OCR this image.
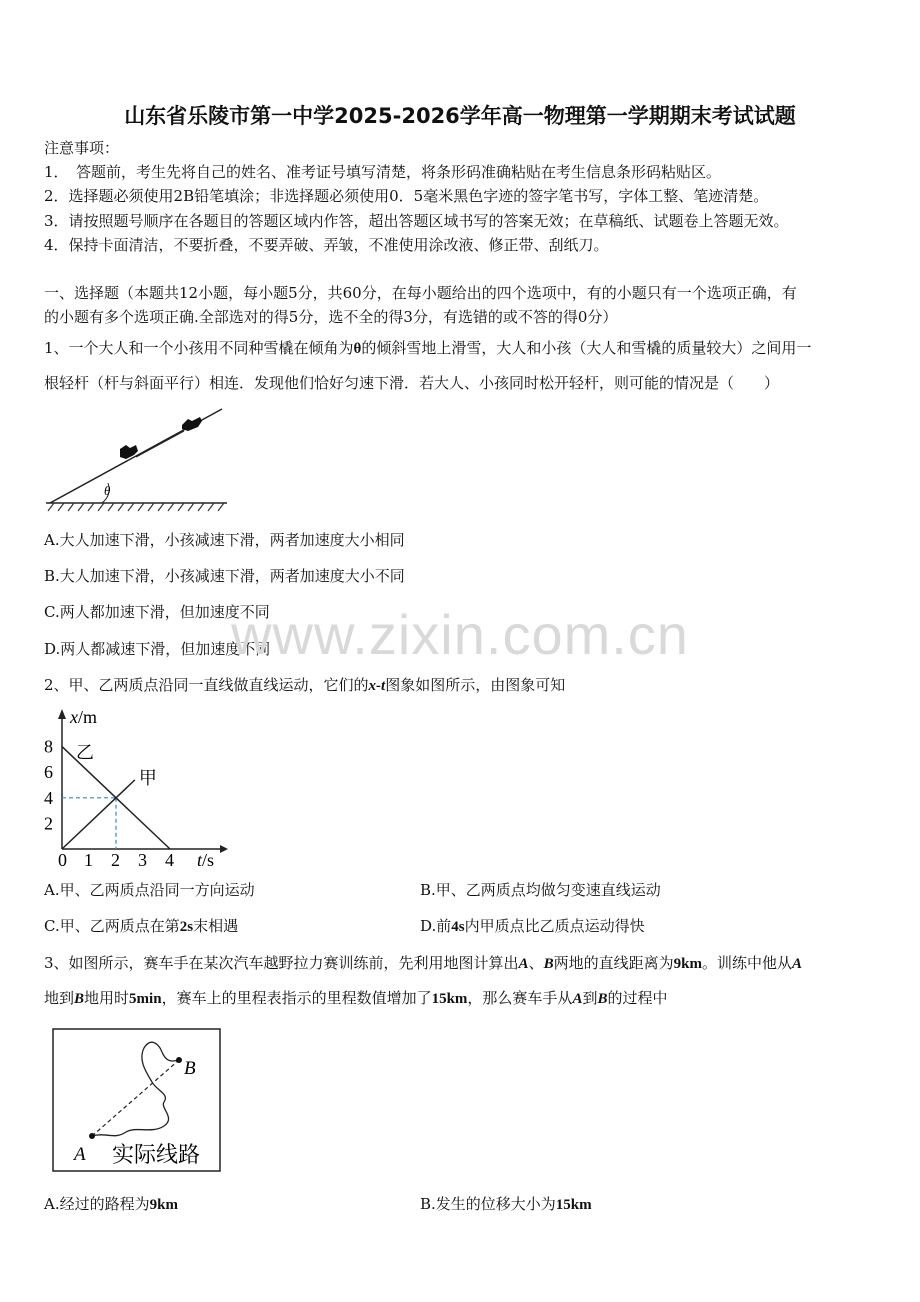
山东省乐陵市第一中学2025-2026学年高一物理第一学期期末考试试题
注意事项：
1．　答题前，考生先将自己的姓名、准考证号填写清楚，将条形码准确粘贴在考生信息条形码粘贴区。
2．选择题必须使用2B铅笔填涂；非选择题必须使用0．5毫米黑色字迹的签字笔书写，字体工整、笔迹清楚。
3．请按照题号顺序在各题目的答题区域内作答，超出答题区域书写的答案无效；在草稿纸、试题卷上答题无效。
4．保持卡面清洁，不要折叠，不要弄破、弄皱，不准使用涂改液、修正带、刮纸刀。
一、选择题（本题共12小题，每小题5分，共60分，在每小题给出的四个选项中，有的小题只有一个选项正确，有
的小题有多个选项正确.全部选对的得5分，选不全的得3分，有选错的或不答的得0分）
1、一个大人和一个小孩用不同种雪橇在倾角为θ的倾斜雪地上滑雪，大人和小孩（大人和雪橇的质量较大）之间用一
根轻杆（杆与斜面平行）相连．发现他们恰好匀速下滑．若大人、小孩同时松开轻杆，则可能的情况是（　　）
θ
A.大人加速下滑，小孩减速下滑，两者加速度大小相同
B.大人加速下滑，小孩减速下滑，两者加速度大小不同
C.两人都加速下滑，但加速度不同
D.两人都减速下滑，但加速度不同
2、甲、乙两质点沿同一直线做直线运动，它们的x-t图象如图所示，由图象可知
x/m
t/s
0 1 2 3 4
2
4
6
8
甲
乙
A.甲、乙两质点沿同一方向运动	B.甲、乙两质点均做匀变速直线运动
C.甲、乙两质点在第2s末相遇	D.前4s内甲质点比乙质点运动得快
3、如图所示，赛车手在某次汽车越野拉力赛训练前，先利用地图计算出A、B两地的直线距离为9km。训练中他从A
地到B地用时5min，赛车上的里程表指示的里程数值增加了15km，那么赛车手从A到B的过程中
B
A 实际线路
A.经过的路程为9km	B.发生的位移大小为15km
www.zixin.com.cn
